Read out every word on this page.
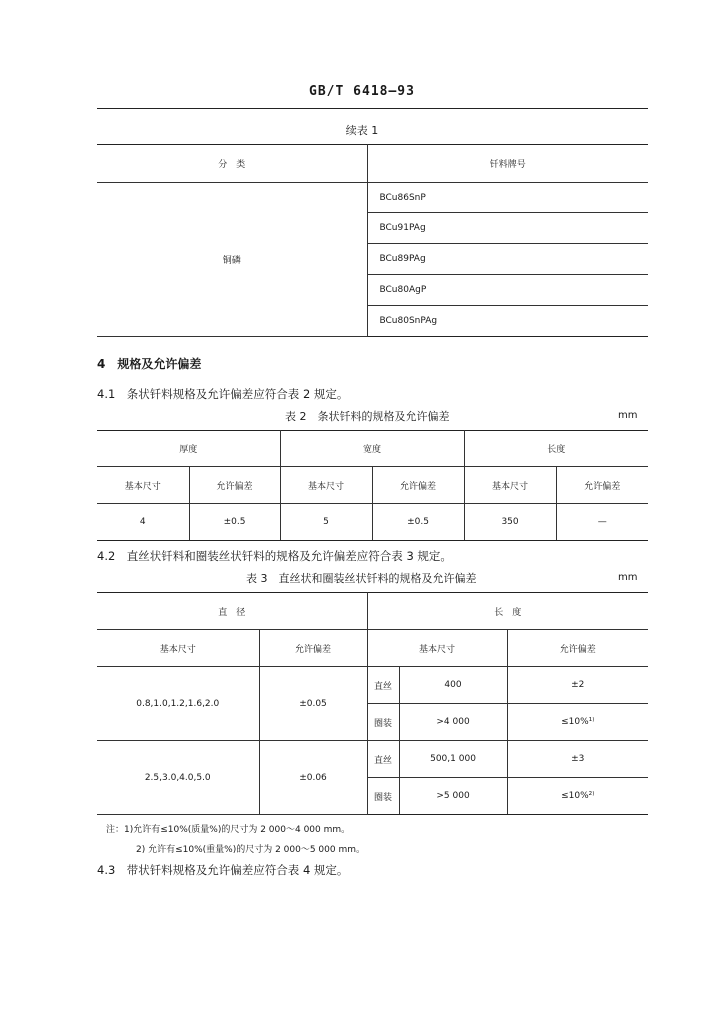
GB/T 6418—93
续表 1
分　类	钎料牌号
铜磷	BCu86SnP
	BCu91PAg
	BCu89PAg
	BCu80AgP
	BCu80SnPAg
4　规格及允许偏差
4.1　条状钎料规格及允许偏差应符合表 2 规定。
表 2　条状钎料的规格及允许偏差	mm
厚度		宽度		长度	
基本尺寸	允许偏差	基本尺寸	允许偏差	基本尺寸	允许偏差
4	±0.5	5	±0.5	350	—
4.2　直丝状钎料和圈装丝状钎料的规格及允许偏差应符合表 3 规定。
表 3　直丝状和圈装丝状钎料的规格及允许偏差	mm
直　径		长　度		
基本尺寸	允许偏差	基本尺寸		允许偏差
0.8,1.0,1.2,1.6,2.0	±0.05	直丝	400	±2
		圈装	>4 000	≤10%¹⁾
2.5,3.0,4.0,5.0	±0.06	直丝	500,1 000	±3
		圈装	>5 000	≤10%²⁾
注：1)允许有≤10%(质量%)的尺寸为 2 000～4 000 mm。
2) 允许有≤10%(重量%)的尺寸为 2 000～5 000 mm。
4.3　带状钎料规格及允许偏差应符合表 4 规定。
